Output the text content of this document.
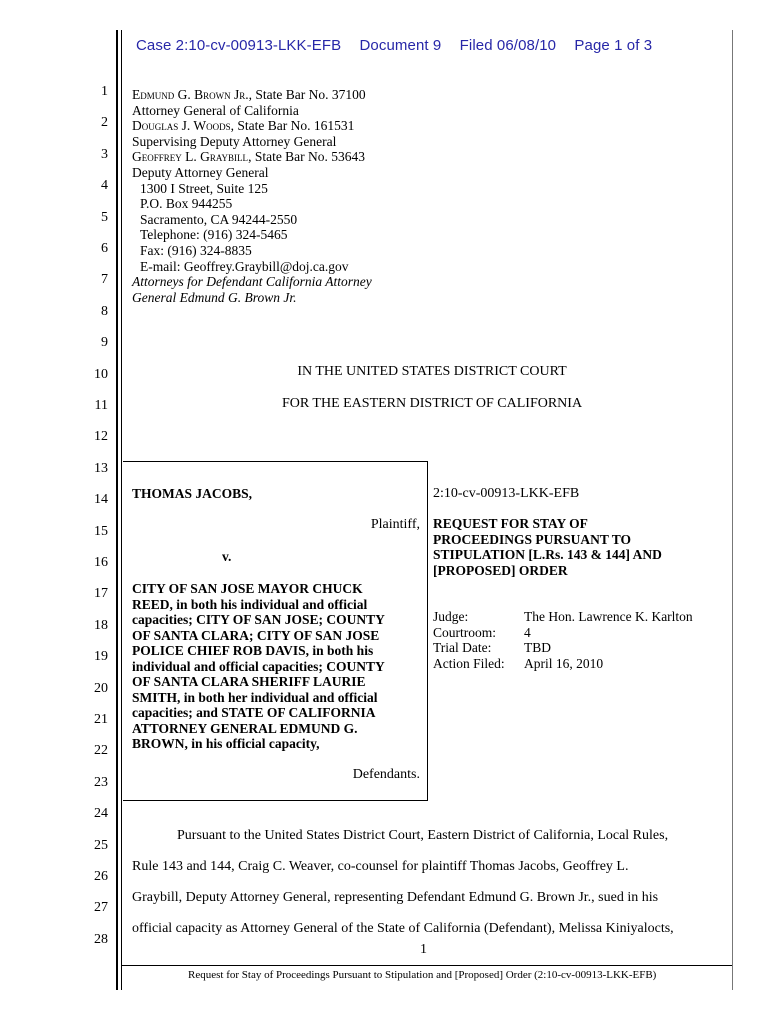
Case 2:10-cv-00913-LKK-EFB Document 9 Filed 06/08/10 Page 1 of 3
1
2
3
4
5
6
7
8
9
10
11
12
13
14
15
16
17
18
19
20
21
22
23
24
25
26
27
28
Edmund G. Brown Jr., State Bar No. 37100
Attorney General of California
Douglas J. Woods, State Bar No. 161531
Supervising Deputy Attorney General
Geoffrey L. Graybill, State Bar No. 53643
Deputy Attorney General
1300 I Street, Suite 125
P.O. Box 944255
Sacramento, CA 94244-2550
Telephone: (916) 324-5465
Fax: (916) 324-8835
E-mail: Geoffrey.Graybill@doj.ca.gov
Attorneys for Defendant California Attorney
General Edmund G. Brown Jr.
IN THE UNITED STATES DISTRICT COURT
FOR THE EASTERN DISTRICT OF CALIFORNIA
THOMAS JACOBS,
Plaintiff,
v.
CITY OF SAN JOSE MAYOR CHUCK
REED, in both his individual and official
capacities; CITY OF SAN JOSE; COUNTY
OF SANTA CLARA; CITY OF SAN JOSE
POLICE CHIEF ROB DAVIS, in both his
individual and official capacities; COUNTY
OF SANTA CLARA SHERIFF LAURIE
SMITH, in both her individual and official
capacities; and STATE OF CALIFORNIA
ATTORNEY GENERAL EDMUND G.
BROWN, in his official capacity,
Defendants.
2:10-cv-00913-LKK-EFB
REQUEST FOR STAY OF
PROCEEDINGS PURSUANT TO
STIPULATION [L.Rs. 143 & 144] AND
[PROPOSED] ORDER
Judge:	The Hon. Lawrence K. Karlton
Courtroom:	4
Trial Date:	TBD
Action Filed:	April 16, 2010
Pursuant to the United States District Court, Eastern District of California, Local Rules,
Rule 143 and 144, Craig C. Weaver, co-counsel for plaintiff Thomas Jacobs, Geoffrey L.
Graybill, Deputy Attorney General, representing Defendant Edmund G. Brown Jr., sued in his
official capacity as Attorney General of the State of California (Defendant), Melissa Kiniyalocts,
1
Request for Stay of Proceedings Pursuant to Stipulation and [Proposed] Order (2:10-cv-00913-LKK-EFB)
